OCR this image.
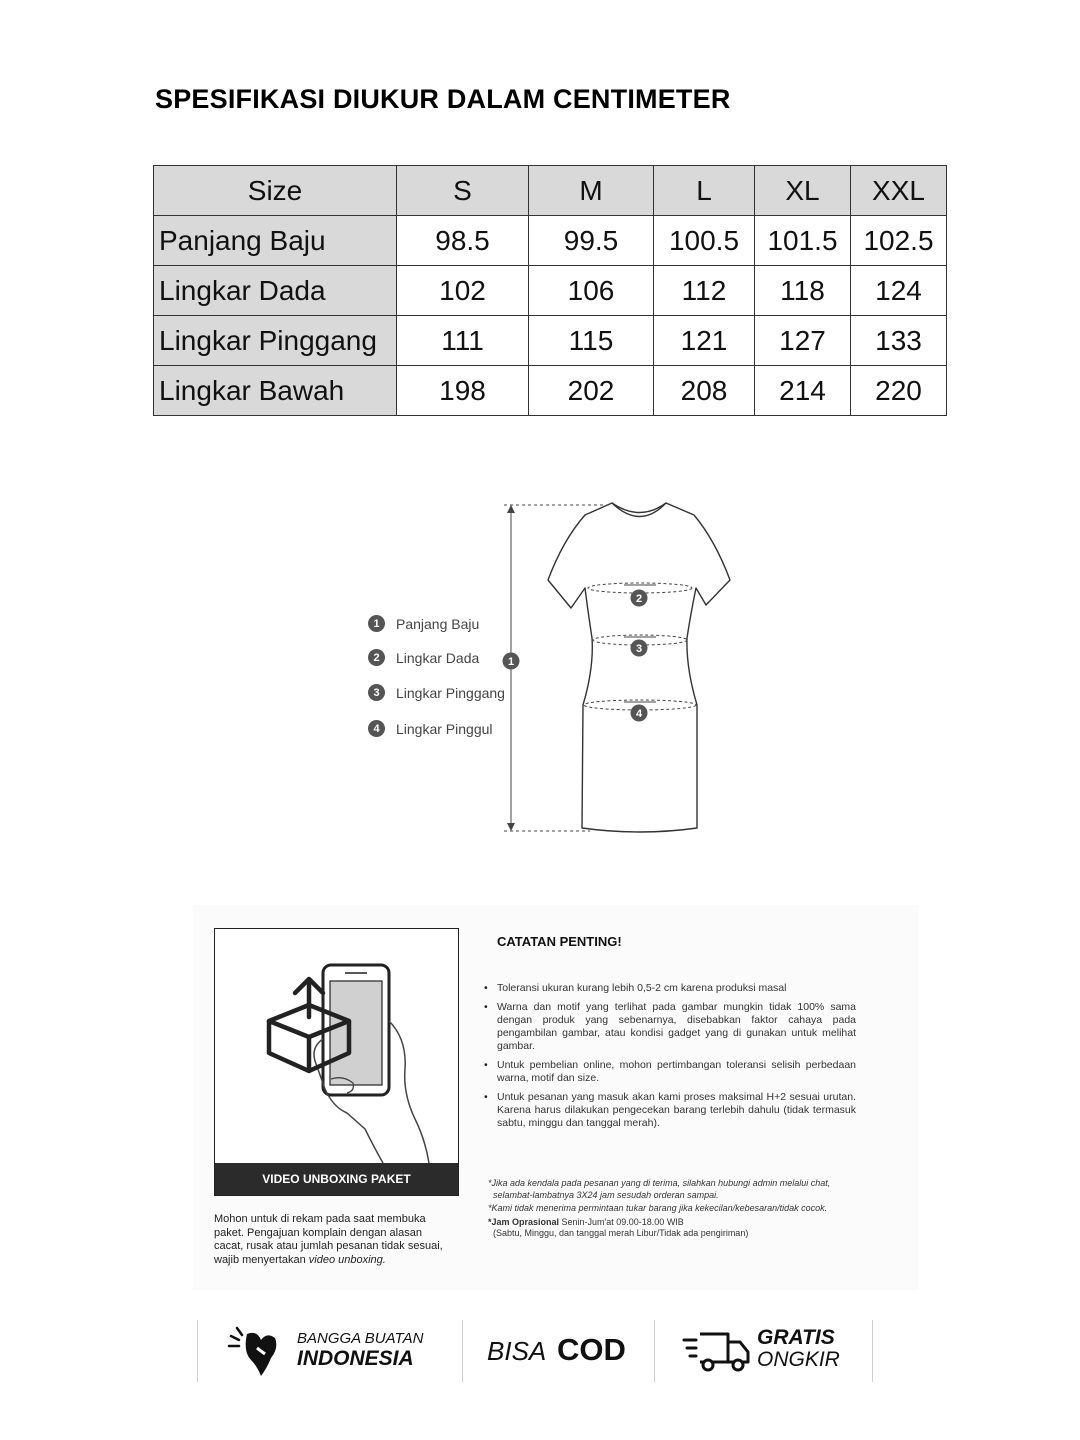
SPESIFIKASI DIUKUR DALAM CENTIMETER
Size	S	M	L	XL	XXL
Panjang Baju	98.5	99.5	100.5	101.5	102.5
Lingkar Dada	102	106	112	118	124
Lingkar Pinggang	111	115	121	127	133
Lingkar Bawah	198	202	208	214	220
1	Panjang Baju
2	Lingkar Dada
3	Lingkar Pinggang
4	Lingkar Pinggul
1
2
3
4
VIDEO UNBOXING PAKET
Mohon untuk di rekam pada saat membuka
paket. Pengajuan komplain dengan alasan
cacat, rusak atau jumlah pesanan tidak sesuai,
wajib menyertakan video unboxing.
CATATAN PENTING!
• Toleransi ukuran kurang lebih 0,5-2 cm karena produksi masal
• Warna dan motif yang terlihat pada gambar mungkin tidak 100% sama dengan produk yang sebenarnya, disebabkan faktor cahaya pada pengambilan gambar, atau kondisi gadget yang di gunakan untuk melihat gambar.
• Untuk pembelian online, mohon pertimbangan toleransi selisih perbedaan warna, motif dan size.
• Untuk pesanan yang masuk akan kami proses maksimal H+2 sesuai urutan. Karena harus dilakukan pengecekan barang terlebih dahulu (tidak termasuk sabtu, minggu dan tanggal merah).
*Jika ada kendala pada pesanan yang di terima, silahkan hubungi admin melalui chat,
selambat-lambatnya 3X24 jam sesudah orderan sampai.
*Kami tidak menerima permintaan tukar barang jika kekecilan/kebesaran/tidak cocok.
*Jam Oprasional Senin-Jum'at 09.00-18.00 WIB
(Sabtu, Minggu, dan tanggal merah Libur/Tidak ada pengiriman)
BANGGA BUATAN
INDONESIA	BISA COD	GRATIS
ONGKIR
